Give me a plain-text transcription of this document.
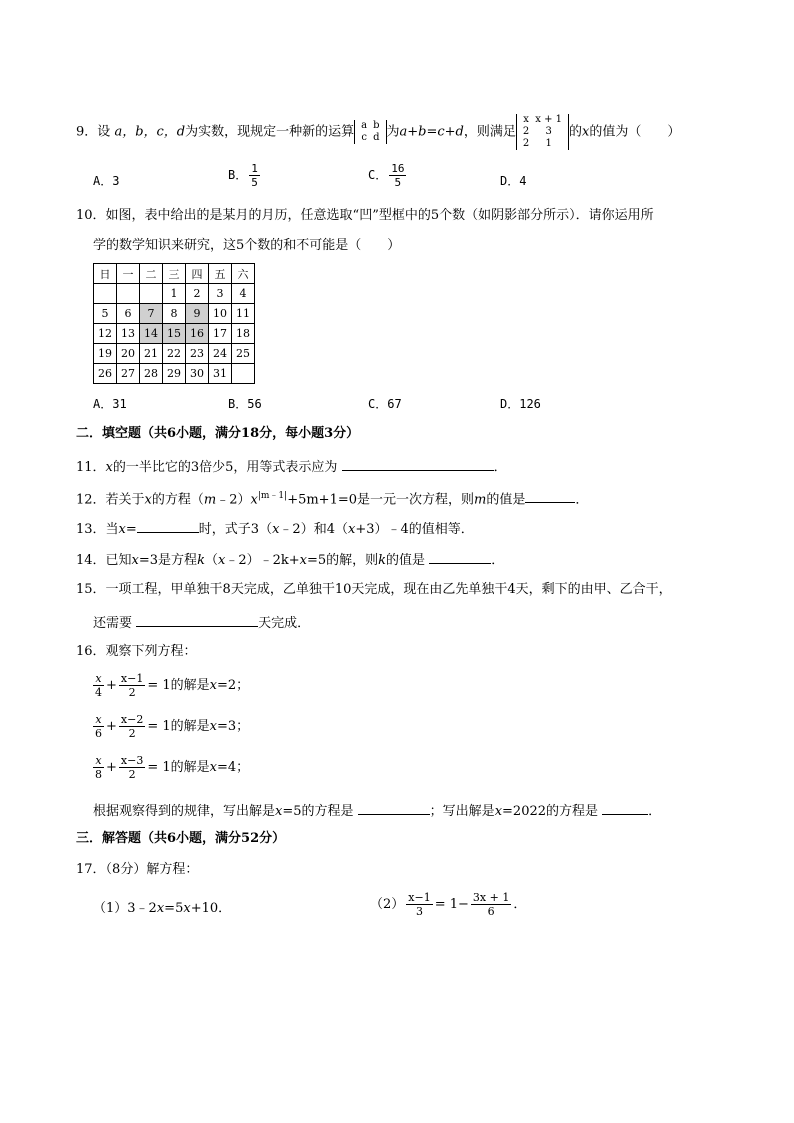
9．设 a，b，c，d为实数，现规定一种新的运算 a	b
c	d 为a+b=c+d，则满足
x	x + 1
2	3
2	1
的x的值为（　　）
A．3	B． $\frac{1}{5}$	C． $\frac{16}{5}$	D．4
10．如图，表中给出的是某月的月历，任意选取“凹”型框中的5个数（如阴影部分所示）．请你运用所
学的数学知识来研究，这5个数的和不可能是（　　）
日	一	二	三	四	五	六
			1	2	3	4
5	6	7	8	9	10	11
12	13	14	15	16	17	18
19	20	21	22	23	24	25
26	27	28	29	30	31	
A．31	B．56	C．67	D．126
二．填空题（共6小题，满分18分，每小题3分）
11．x的一半比它的3倍少5，用等式表示应为	．
12．若关于x的方程$(m﹣2)x^{|m﹣1|}+5m+1=0$是一元一次方程，则m的值是	．
13．当x=	时，式子3（x﹣2）和4（x+3）﹣4的值相等．
14．已知x=3是方程k（x﹣2）﹣2k+x=5的解，则k的值是	．
15．一项工程，甲单独干8天完成，乙单独干10天完成，现在由乙先单独干4天，剩下的由甲、乙合干，
还需要	天完成．
16．观察下列方程：
$\frac{x}{4} + \frac{x-1}{2} = 1$的解是x=2；
$\frac{x}{6} + \frac{x-2}{2} = 1$的解是x=3；
$\frac{x}{8} + \frac{x-3}{2} = 1$的解是x=4；
根据观察得到的规律，写出解是x=5的方程是	；写出解是x=2022的方程是	．
三．解答题（共6小题，满分52分）
17．（8分）解方程：
（1）3﹣2x=5x+10．	$(2) \frac{x-1}{3} = 1- \frac{3x + 1}{6}$ ．
